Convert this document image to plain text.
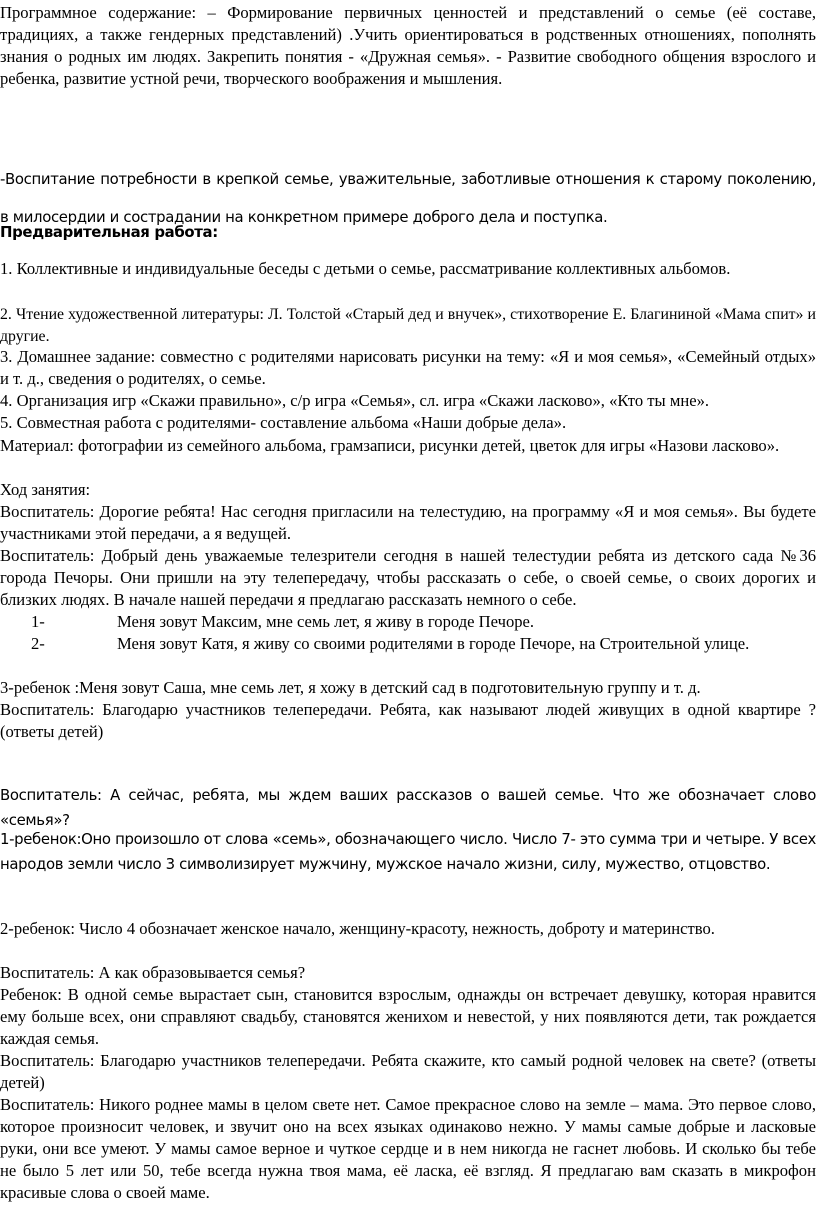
Программное содержание: – Формирование первичных ценностей и представлений о семье (её составе, традициях, а также гендерных представлений) .Учить ориентироваться в родственных отношениях, пополнять знания о родных им людях. Закрепить понятия - «Дружная семья». - Развитие свободного общения взрослого и ребенка, развитие устной речи, творческого воображения и мышления.

-Воспитание потребности в крепкой семье, уважительные, заботливые отношения к старому поколению, в милосердии и сострадании на конкретном примере доброго дела и поступка.

Предварительная работа:

1. Коллективные и индивидуальные беседы с детьми о семье, рассматривание коллективных альбомов.

2. Чтение художественной литературы: Л. Толстой «Старый дед и внучек», стихотворение Е. Благининой «Мама спит» и другие.

3. Домашнее задание: совместно с родителями нарисовать рисунки на тему: «Я и моя семья», «Семейный отдых» и т. д., сведения о родителях, о семье.

4. Организация игр «Скажи правильно», с/р игра «Семья», сл. игра «Скажи ласково», «Кто ты мне».

5. Совместная работа с родителями- составление альбома «Наши добрые дела».

Материал: фотографии из семейного альбома, грамзаписи, рисунки детей, цветок для игры «Назови ласково».

Ход занятия:

Воспитатель: Дорогие ребята! Нас сегодня пригласили на телестудию, на программу «Я и моя семья». Вы будете участниками этой передачи, а я ведущей.

Воспитатель: Добрый день уважаемые телезрители сегодня в нашей телестудии ребята из детского сада №36 города Печоры. Они пришли на эту телепередачу, чтобы рассказать о себе, о своей семье, о своих дорогих и близких людях. В начале нашей передачи я предлагаю рассказать немного о себе.

1-	Меня зовут Максим, мне семь лет, я живу в городе Печоре.
2-	Меня зовут Катя, я живу со своими родителями в городе Печоре, на Строительной улице.

3-ребенок :Меня зовут Саша, мне семь лет, я хожу в детский сад в подготовительную группу и т. д.

Воспитатель: Благодарю участников телепередачи. Ребята, как называют людей живущих в одной квартире ? (ответы детей)

Воспитатель: А сейчас, ребята, мы ждем ваших рассказов о вашей семье. Что же обозначает слово «семья»?

1-ребенок:Оно произошло от слова «семь», обозначающего число. Число 7- это сумма три и четыре. У всех народов земли число 3 символизирует мужчину, мужское начало жизни, силу, мужество, отцовство.

2-ребенок: Число 4 обозначает женское начало, женщину-красоту, нежность, доброту и материнство.

Воспитатель: А как образовывается семья?

Ребенок: В одной семье вырастает сын, становится взрослым, однажды он встречает девушку, которая нравится ему больше всех, они справляют свадьбу, становятся женихом и невестой, у них появляются дети, так рождается каждая семья.

Воспитатель: Благодарю участников телепередачи. Ребята скажите, кто самый родной человек на свете? (ответы детей)

Воспитатель: Никого роднее мамы в целом свете нет. Самое прекрасное слово на земле – мама. Это первое слово, которое произносит человек, и звучит оно на всех языках одинаково нежно. У мамы самые добрые и ласковые руки, они все умеют. У мамы самое верное и чуткое сердце и в нем никогда не гаснет любовь. И сколько бы тебе не было 5 лет или 50, тебе всегда нужна твоя мама, её ласка, её взгляд. Я предлагаю вам сказать в микрофон красивые слова о своей маме.
